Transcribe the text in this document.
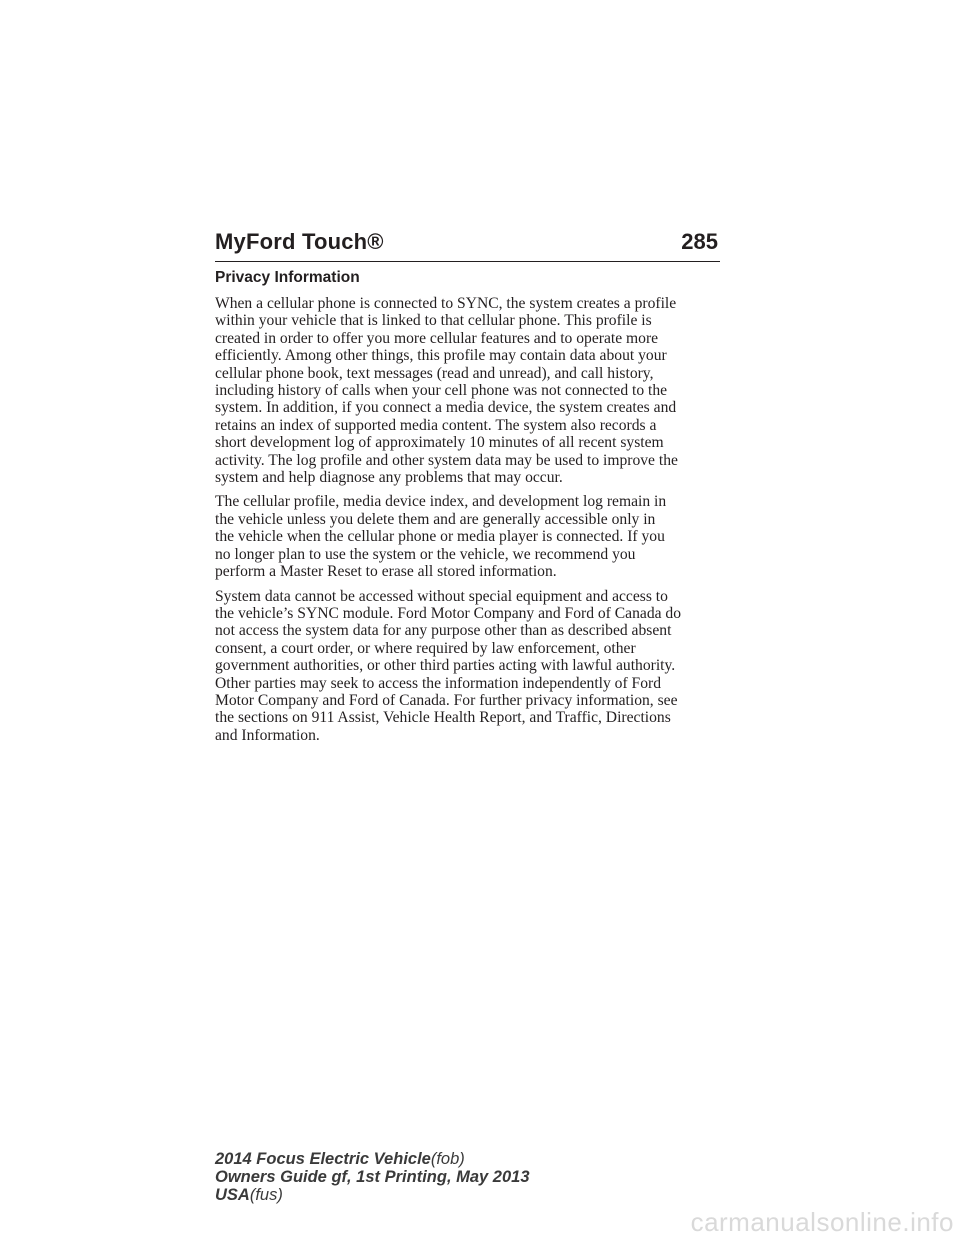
MyFord Touch®	285
Privacy Information
When a cellular phone is connected to SYNC, the system creates a profile
within your vehicle that is linked to that cellular phone. This profile is
created in order to offer you more cellular features and to operate more
efficiently. Among other things, this profile may contain data about your
cellular phone book, text messages (read and unread), and call history,
including history of calls when your cell phone was not connected to the
system. In addition, if you connect a media device, the system creates and
retains an index of supported media content. The system also records a
short development log of approximately 10 minutes of all recent system
activity. The log profile and other system data may be used to improve the
system and help diagnose any problems that may occur.
The cellular profile, media device index, and development log remain in
the vehicle unless you delete them and are generally accessible only in
the vehicle when the cellular phone or media player is connected. If you
no longer plan to use the system or the vehicle, we recommend you
perform a Master Reset to erase all stored information.
System data cannot be accessed without special equipment and access to
the vehicle’s SYNC module. Ford Motor Company and Ford of Canada do
not access the system data for any purpose other than as described absent
consent, a court order, or where required by law enforcement, other
government authorities, or other third parties acting with lawful authority.
Other parties may seek to access the information independently of Ford
Motor Company and Ford of Canada. For further privacy information, see
the sections on 911 Assist, Vehicle Health Report, and Traffic, Directions
and Information.
2014 Focus Electric Vehicle(fob)
Owners Guide gf, 1st Printing, May 2013
USA(fus)
carmanualsonline.info
